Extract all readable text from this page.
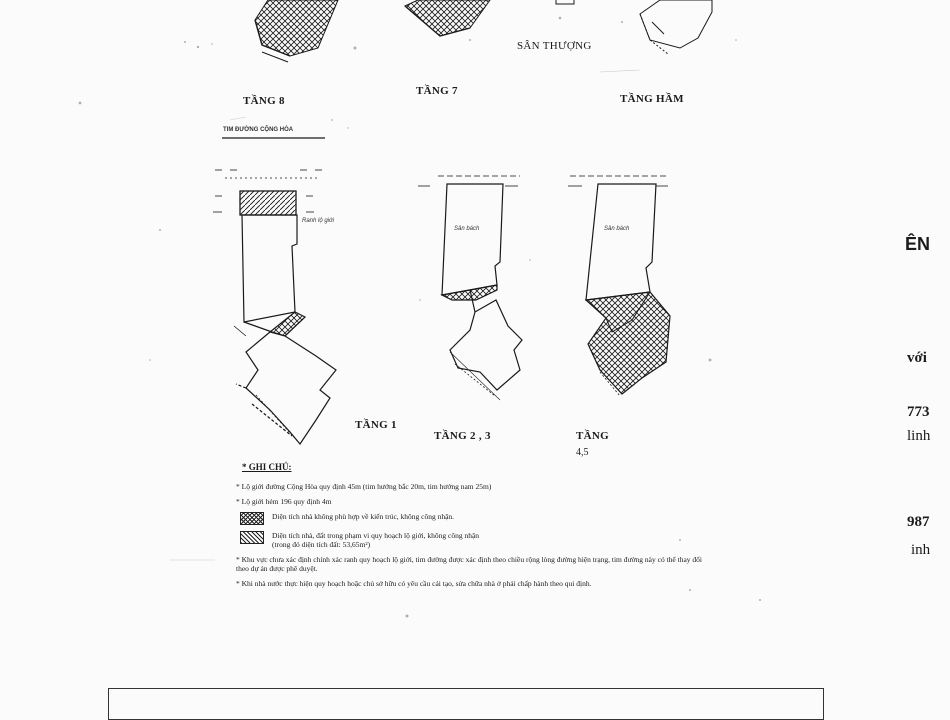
SÂN THƯỢNG
TẦNG 8
TẦNG 7
TẦNG HẦM
TẦNG 1
TẦNG 2 , 3	TẦNG
4,5
TIM ĐƯỜNG CỘNG HÒA
Ranh lộ giới
Sân bách	Sân bách
* GHI CHÚ:
* Lộ giới đường Cộng Hòa quy định 45m (tim hướng bắc 20m, tim hướng nam 25m)
* Lộ giới hẻm 196 quy định 4m
Diện tích nhà không phù hợp về kiến trúc, không công nhận.
Diện tích nhà, đất trong phạm vi quy hoạch lộ giới, không công nhận
(trong đó diện tích đất: 53,65m²)
* Khu vực chưa xác định chính xác ranh quy hoạch lộ giới, tim đường được xác định theo chiều rộng lòng đường hiện trạng, tim đường này có thể thay đổi theo dự án được phê duyệt.
* Khi nhà nước thực hiện quy hoạch hoặc chủ sở hữu có yêu cầu cải tạo, sửa chữa nhà ở phải chấp hành theo qui định.
ÊN
với
773
linh
987
inh
